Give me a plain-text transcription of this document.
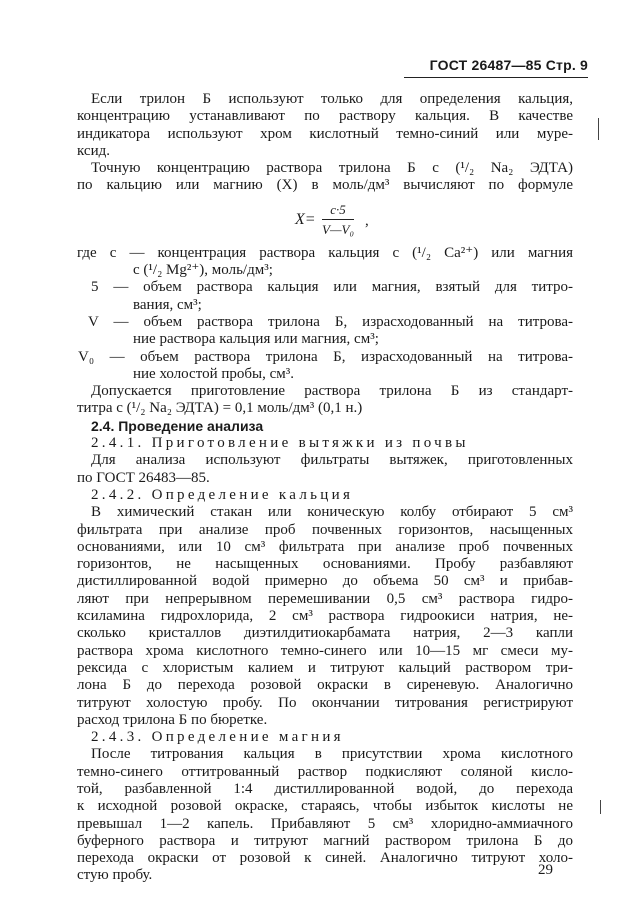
ГОСТ 26487—85 Стр. 9
Если трилон Б используют только для определения кальция,
концентрацию устанавливают по раствору кальция. В качестве
индикатора используют хром кислотный темно-синий или муре-
ксид.
Точную концентрацию раствора трилона Б с (¹/₂ Na₂ ЭДТА)
по кальцию или магнию (X) в моль/дм³ вычисляют по формуле
X=
c·5
V—V₀
,
где c — концентрация раствора кальция с (¹/₂ Ca²⁺) или магния
с (¹/₂ Mg²⁺), моль/дм³;
5 — объем раствора кальция или магния, взятый для титро-
вания, см³;
V — объем раствора трилона Б, израсходованный на титрова-
ние раствора кальция или магния, см³;
V₀ — объем раствора трилона Б, израсходованный на титрова-
ние холостой пробы, см³.
Допускается приготовление раствора трилона Б из стандарт-
титра с (¹/₂ Na₂ ЭДТА) = 0,1 моль/дм³ (0,1 н.)
2.4. Проведение анализа
2.4.1. Приготовление вытяжки из почвы
Для анализа используют фильтраты вытяжек, приготовленных
по ГОСТ 26483—85.
2.4.2. Определение кальция
В химический стакан или коническую колбу отбирают 5 см³
фильтрата при анализе проб почвенных горизонтов, насыщенных
основаниями, или 10 см³ фильтрата при анализе проб почвенных
горизонтов, не насыщенных основаниями. Пробу разбавляют
дистиллированной водой примерно до объема 50 см³ и прибав-
ляют при непрерывном перемешивании 0,5 см³ раствора гидро-
ксиламина гидрохлорида, 2 см³ раствора гидроокиси натрия, не-
сколько кристаллов диэтилдитиокарбамата натрия, 2—3 капли
раствора хрома кислотного темно-синего или 10—15 мг смеси му-
рексида с хлористым калием и титруют кальций раствором три-
лона Б до перехода розовой окраски в сиреневую. Аналогично
титруют холостую пробу. По окончании титрования регистрируют
расход трилона Б по бюретке.
2.4.3. Определение магния
После титрования кальция в присутствии хрома кислотного
темно-синего оттитрованный раствор подкисляют соляной кисло-
той, разбавленной 1:4 дистиллированной водой, до перехода
к исходной розовой окраске, стараясь, чтобы избыток кислоты не
превышал 1—2 капель. Прибавляют 5 см³ хлоридно-аммиачного
буферного раствора и титруют магний раствором трилона Б до
перехода окраски от розовой к синей. Аналогично титруют холо-
стую пробу.	29
